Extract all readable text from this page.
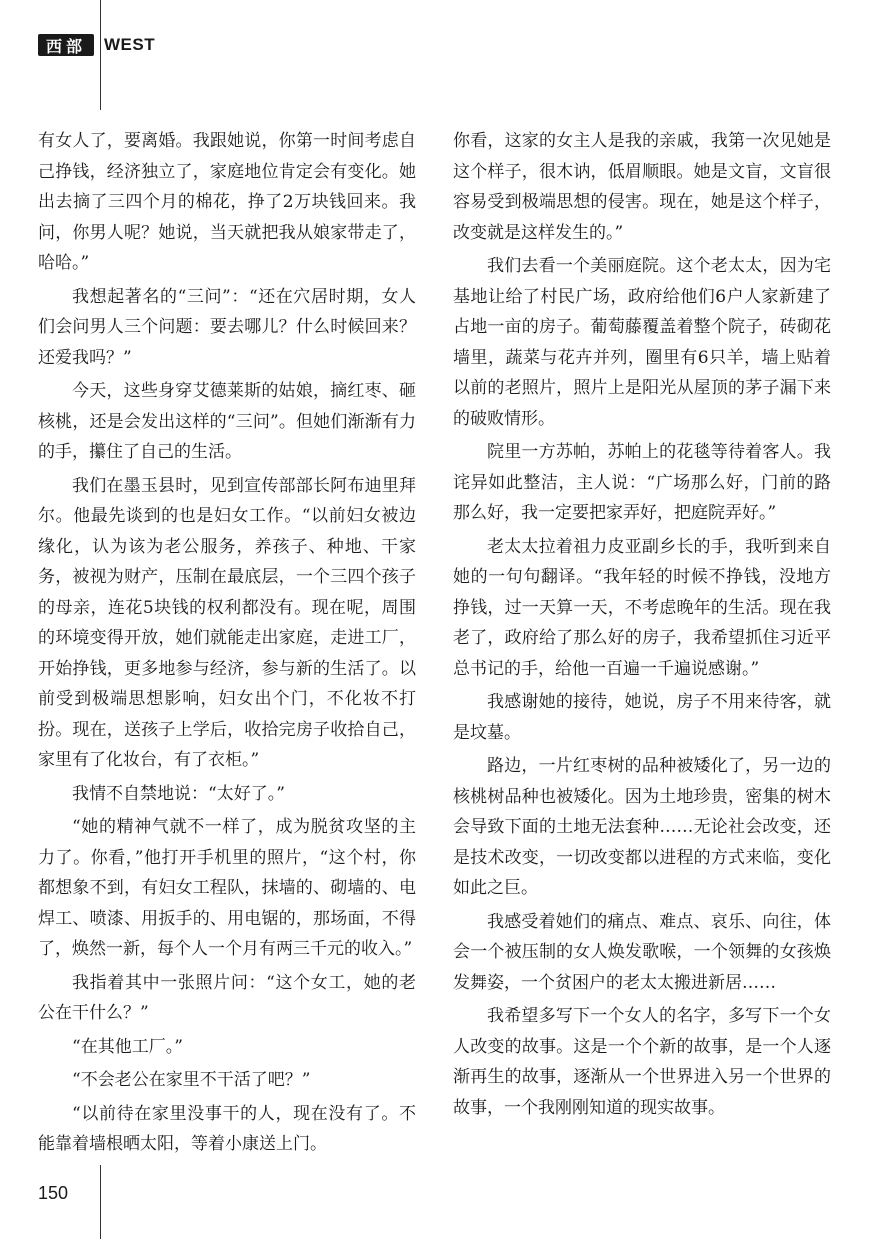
西部	WEST

有女人了，要离婚。我跟她说，你第一时间考虑自己挣钱，经济独立了，家庭地位肯定会有变化。她出去摘了三四个月的棉花，挣了2万块钱回来。我问，你男人呢？她说，当天就把我从娘家带走了，哈哈。”

我想起著名的“三问”：“还在穴居时期，女人们会问男人三个问题：要去哪儿？什么时候回来？还爱我吗？”

今天，这些身穿艾德莱斯的姑娘，摘红枣、砸核桃，还是会发出这样的“三问”。但她们渐渐有力的手，攥住了自己的生活。

我们在墨玉县时，见到宣传部部长阿布迪里拜尔。他最先谈到的也是妇女工作。“以前妇女被边缘化，认为该为老公服务，养孩子、种地、干家务，被视为财产，压制在最底层，一个三四个孩子的母亲，连花5块钱的权利都没有。现在呢，周围的环境变得开放，她们就能走出家庭，走进工厂，开始挣钱，更多地参与经济，参与新的生活了。以前受到极端思想影响，妇女出个门，不化妆不打扮。现在，送孩子上学后，收拾完房子收拾自己，家里有了化妆台，有了衣柜。”

我情不自禁地说：“太好了。”

“她的精神气就不一样了，成为脱贫攻坚的主力了。你看，”他打开手机里的照片，“这个村，你都想象不到，有妇女工程队，抹墙的、砌墙的、电焊工、喷漆、用扳手的、用电锯的，那场面，不得了，焕然一新，每个人一个月有两三千元的收入。”

我指着其中一张照片问：“这个女工，她的老公在干什么？”

“在其他工厂。”

“不会老公在家里不干活了吧？”

“以前待在家里没事干的人，现在没有了。不能靠着墙根晒太阳，等着小康送上门。

你看，这家的女主人是我的亲戚，我第一次见她是这个样子，很木讷，低眉顺眼。她是文盲，文盲很容易受到极端思想的侵害。现在，她是这个样子，改变就是这样发生的。”

我们去看一个美丽庭院。这个老太太，因为宅基地让给了村民广场，政府给他们6户人家新建了占地一亩的房子。葡萄藤覆盖着整个院子，砖砌花墙里，蔬菜与花卉并列，圈里有6只羊，墙上贴着以前的老照片，照片上是阳光从屋顶的茅子漏下来的破败情形。

院里一方苏帕，苏帕上的花毯等待着客人。我诧异如此整洁，主人说：“广场那么好，门前的路那么好，我一定要把家弄好，把庭院弄好。”

老太太拉着祖力皮亚副乡长的手，我听到来自她的一句句翻译。“我年轻的时候不挣钱，没地方挣钱，过一天算一天，不考虑晚年的生活。现在我老了，政府给了那么好的房子，我希望抓住习近平总书记的手，给他一百遍一千遍说感谢。”

我感谢她的接待，她说，房子不用来待客，就是坟墓。

路边，一片红枣树的品种被矮化了，另一边的核桃树品种也被矮化。因为土地珍贵，密集的树木会导致下面的土地无法套种……无论社会改变，还是技术改变，一切改变都以进程的方式来临，变化如此之巨。

我感受着她们的痛点、难点、哀乐、向往，体会一个被压制的女人焕发歌喉，一个领舞的女孩焕发舞姿，一个贫困户的老太太搬进新居……

我希望多写下一个女人的名字，多写下一个女人改变的故事。这是一个个新的故事，是一个人逐渐再生的故事，逐渐从一个世界进入另一个世界的故事，一个我刚刚知道的现实故事。

150
